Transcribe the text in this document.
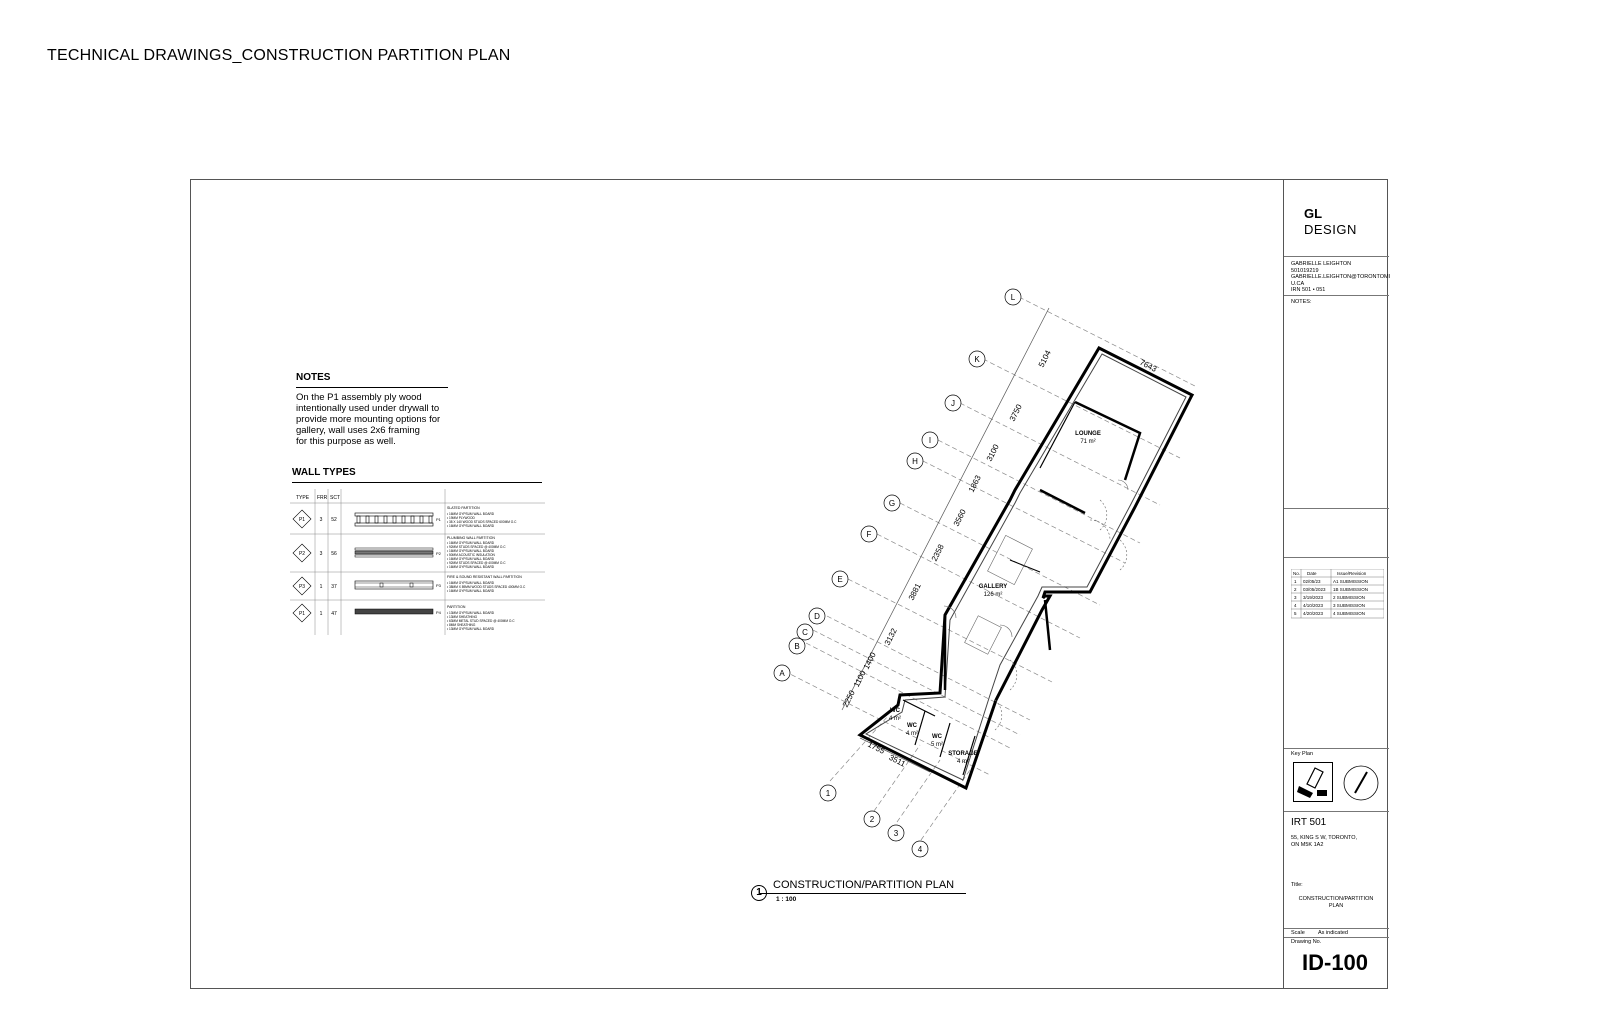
TECHNICAL DRAWINGS_CONSTRUCTION PARTITION PLAN
NOTES
On the P1 assembly ply wood
intentionally used under drywall to
provide more mounting options for
gallery, wall uses 2x6 framing
for this purpose as well.
WALL TYPES
TYPE FRR SCT
P1	3 52	P1
SLATED PARTITION
• 16MM GYPSUM WALL BOARD
• 19MM PLYWOOD
• 38 X 140 WOOD STUDS SPACED 600MM O.C
• 16MM GYPSUM WALL BOARD
P2	3 56	P2
PLUMBING WALL PARTITION
• 16MM GYPSUM WALL BOARD
• 92MM STUDS SPACED @ 400MM O.C
• 16MM GYPSUM WALL BOARD
• 50MM ACOUSTIC INSULATION
• 16MM GYPSUM WALL BOARD
• 92MM STUDS SPACED @ 400MM O.C
• 16MM GYPSUM WALL BOARD
P3	1 37	P3
FIRE & SOUND RESISTANT WALL PARTITION
• 16MM GYPSUM WALL BOARD
• 38MM X 89MM WOOD STUDS SPACED 400MM O.C
• 16MM GYPSUM WALL BOARD
P1	1 47	P4
PARTITION
• 13MM GYPSUM WALL BOARD
• 13MM SHEATHING
• 63MM METAL STUD SPACED @ 400MM O.C
• 8MM SHEATHING
• 13MM GYPSUM WALL BOARD
L
K
J
I
H
G
F
E
D
C
B
A
1
2
3
4
5104
3750
3100
1863
3560
2358
3881
3132
1400
1100
2250
7643
1755
3511
LOUNGE
71 m²
GALLERY
126 m²
WC
4 m²
WC
4 m² WC
5 m²
STORAGE
4 m²
1
CONSTRUCTION/PARTITION PLAN
1 : 100
GL
DESIGN
GABRIELLE LEIGHTON
501019219
GABRIELLE.LEIGHTON@TORONTOMI
U.CA
IRN 501 • 051
NOTES:
No. Date	Issue/Revision
1 02/05/23	A1 SUBMISSION
2 03/05/2023 1B SUBMISSION
3 3/19/2023 2 SUBMISSION
4 4/10/2023 3 SUBMISSION
5 4/20/2023 4 SUBMISSION
Key Plan
IRT 501
55, KING S W, TORONTO,
ON M5K 1A2
Title:
CONSTRUCTION/PARTITION
PLAN
Scale As indicated
Drawing No.
ID-100
